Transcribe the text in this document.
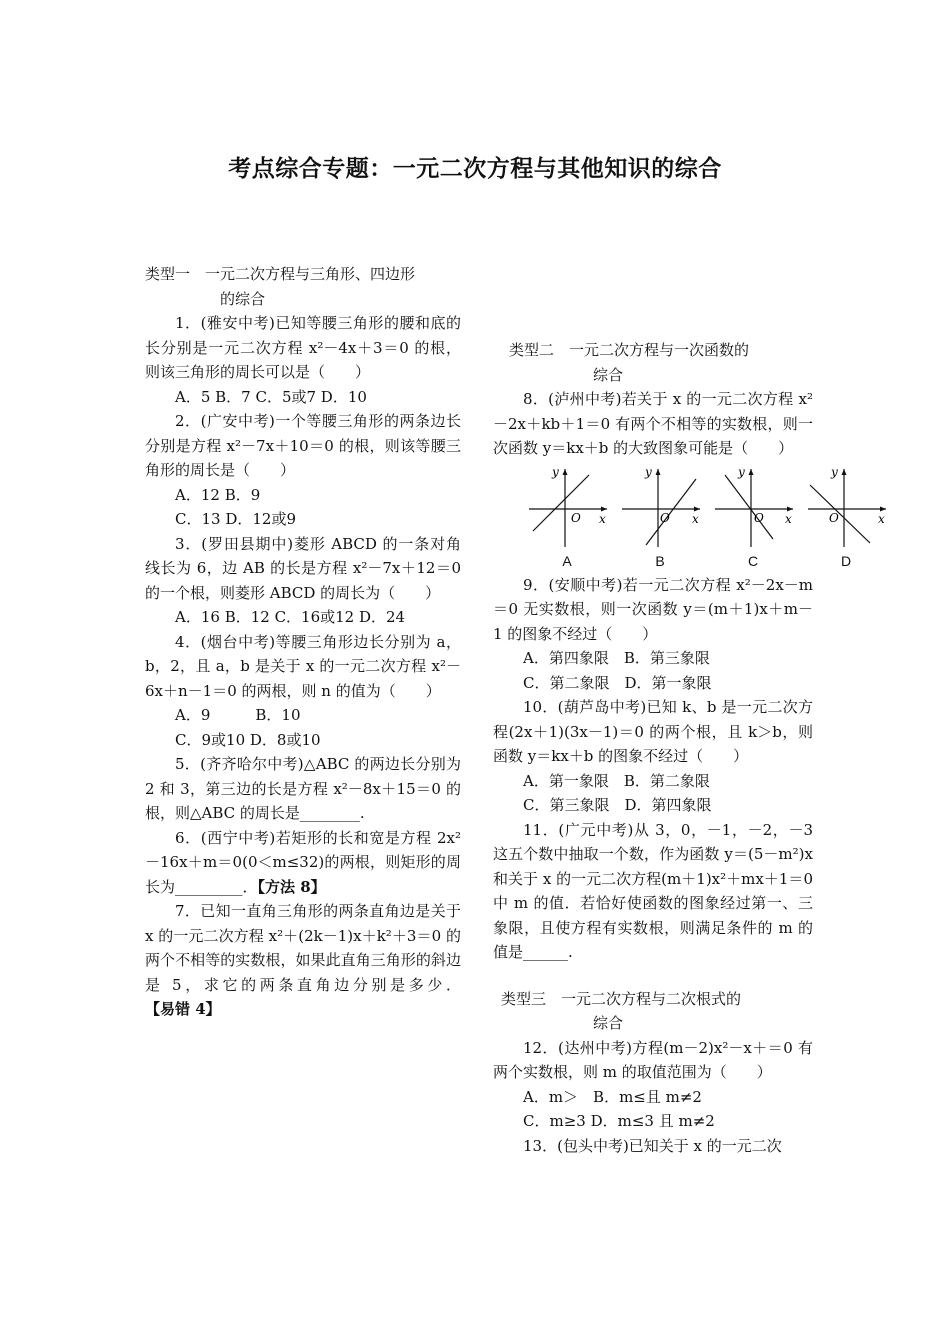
考点综合专题：一元二次方程与其他知识的综合

类型一　一元二次方程与三角形、四边形

的综合

1．(雅安中考)已知等腰三角形的腰和底的长分别是一元二次方程 x²－4x＋3＝0 的根，则该三角形的周长可以是（　　）

A．5 B．7 C．5或7 D．10

2．(广安中考)一个等腰三角形的两条边长分别是方程 x²－7x＋10＝0 的根，则该等腰三角形的周长是（　　）

A．12 B．9

C．13 D．12或9

3．(罗田县期中)菱形 ABCD 的一条对角线长为 6，边 AB 的长是方程 x²－7x＋12＝0 的一个根，则菱形 ABCD 的周长为（　　）

A．16 B．12 C．16或12 D．24

4．(烟台中考)等腰三角形边长分别为 a，b，2，且 a，b 是关于 x 的一元二次方程 x²－6x＋n－1＝0 的两根，则 n 的值为（　　）

A．9　　　B．10

C．9或10 D．8或10

5．(齐齐哈尔中考)△ABC 的两边长分别为 2 和 3，第三边的长是方程 x²－8x＋15＝0 的根，则△ABC 的周长是________.

6．(西宁中考)若矩形的长和宽是方程 2x²－16x＋m＝0(0＜m≤32)的两根，则矩形的周长为_________．【方法 8】

7．已知一直角三角形的两条直角边是关于 x 的一元二次方程 x²＋(2k－1)x＋k²＋3＝0 的两个不相等的实数根，如果此直角三角形的斜边是 5，求它的两条直角边分别是多少．【易错 4】

类型二　一元二次方程与一次函数的

综合

8．(泸州中考)若关于 x 的一元二次方程 x²－2x＋kb＋1＝0 有两个不相等的实数根，则一次函数 y＝kx＋b 的大致图象可能是（　　）

O x
y
A
O x
y
B
O x
y
C
O	x
y
D

9．(安顺中考)若一元二次方程 x²－2x－m＝0 无实数根，则一次函数 y＝(m＋1)x＋m－1 的图象不经过（　　）

A．第四象限　B．第三象限

C．第二象限　D．第一象限

10．(葫芦岛中考)已知 k、b 是一元二次方程(2x＋1)(3x－1)＝0 的两个根，且 k＞b，则函数 y＝kx＋b 的图象不经过（　　）

A．第一象限　B．第二象限

C．第三象限　D．第四象限

11．(广元中考)从 3，0，－1，－2，－3 这五个数中抽取一个数，作为函数 y＝(5－m²)x 和关于 x 的一元二次方程(m＋1)x²＋mx＋1＝0 中 m 的值．若恰好使函数的图象经过第一、三象限，且使方程有实数根，则满足条件的 m 的值是______.

类型三　一元二次方程与二次根式的

综合

12．(达州中考)方程(m－2)x²－x＋＝0 有两个实数根，则 m 的取值范围为（　　）

A．m＞　B．m≤且 m≠2

C．m≥3 D．m≤3 且 m≠2

13．(包头中考)已知关于 x 的一元二次
